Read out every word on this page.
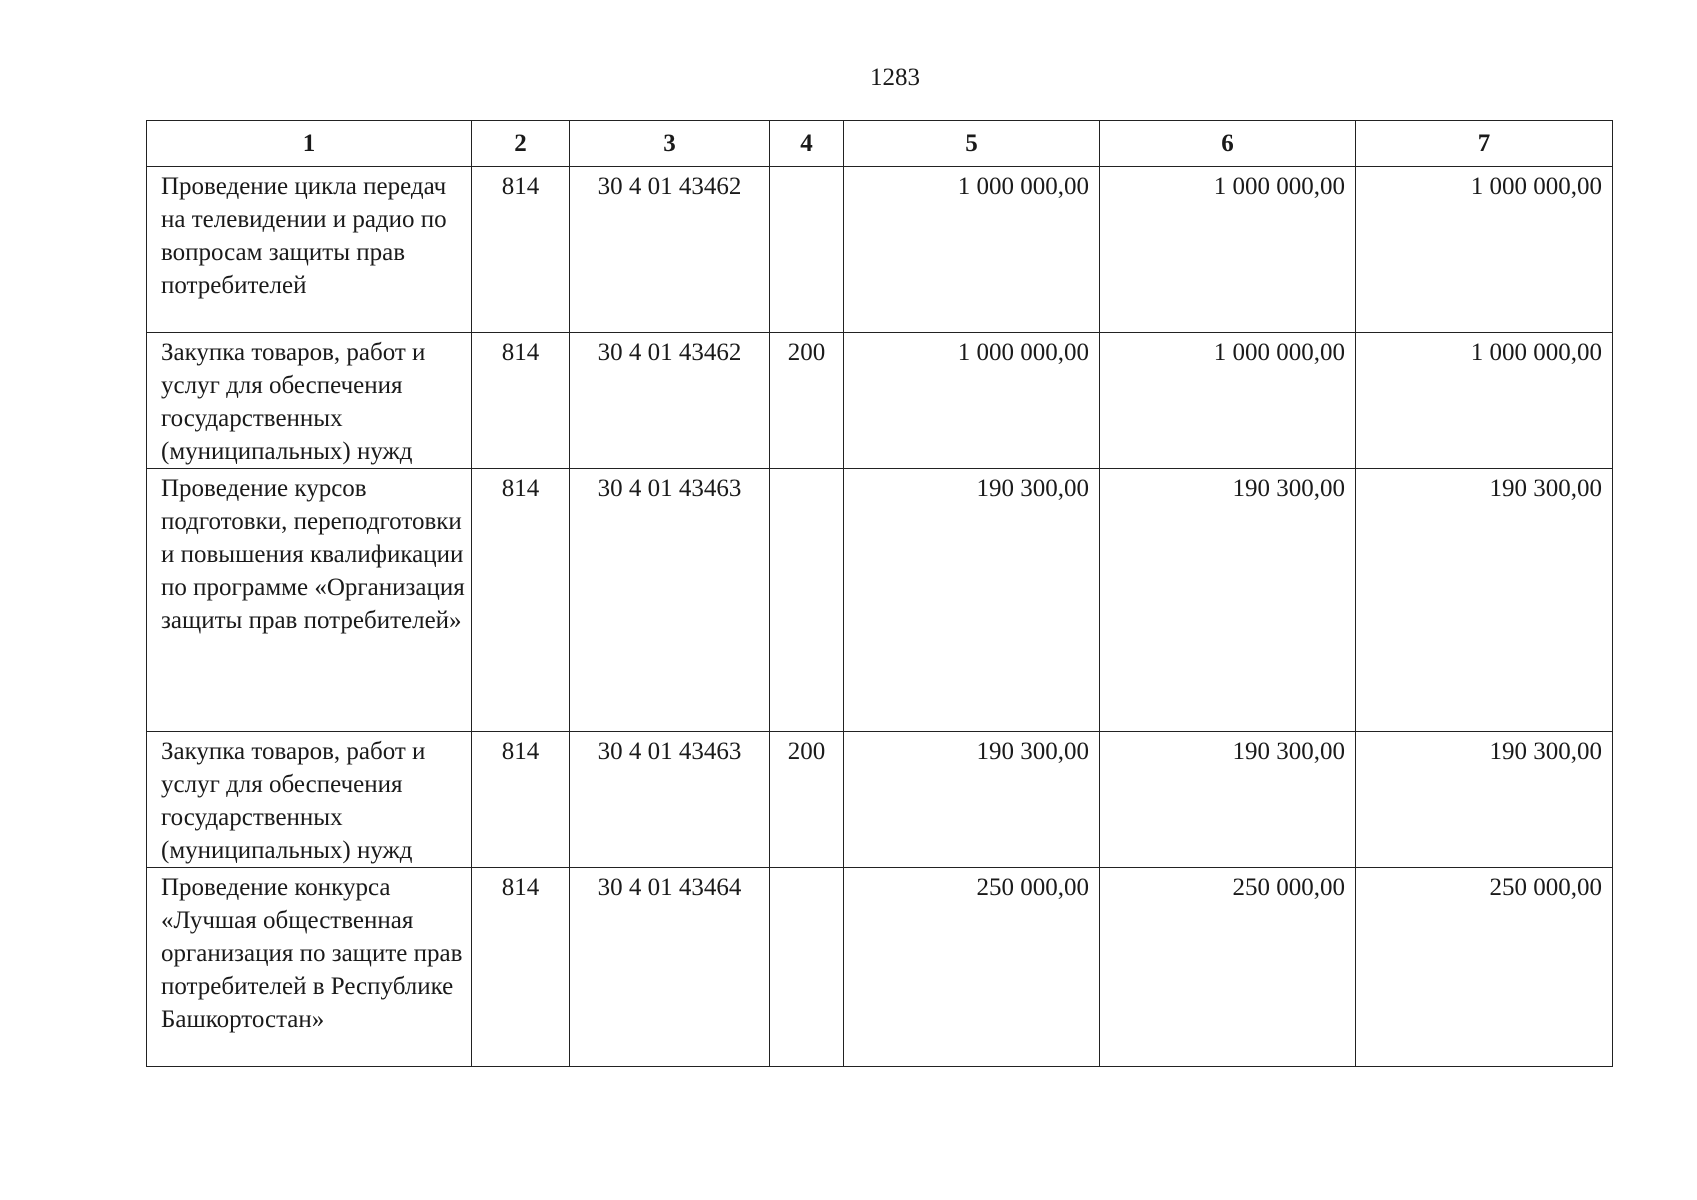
1283
1	2	3	4	5	6	7
Проведение цикла передач на телевидении и радио по вопросам защиты прав потребителей	814	30 4 01 43462		1 000 000,00	1 000 000,00	1 000 000,00
Закупка товаров, работ и услуг для обеспечения государственных (муниципальных) нужд	814	30 4 01 43462	200	1 000 000,00	1 000 000,00	1 000 000,00
Проведение курсов подготовки, переподготовки и повышения квалификации по программе «Организация защиты прав потребителей»	814	30 4 01 43463		190 300,00	190 300,00	190 300,00
Закупка товаров, работ и услуг для обеспечения государственных (муниципальных) нужд	814	30 4 01 43463	200	190 300,00	190 300,00	190 300,00
Проведение конкурса «Лучшая общественная организация по защите прав потребителей в Республике Башкортостан»	814	30 4 01 43464		250 000,00	250 000,00	250 000,00
